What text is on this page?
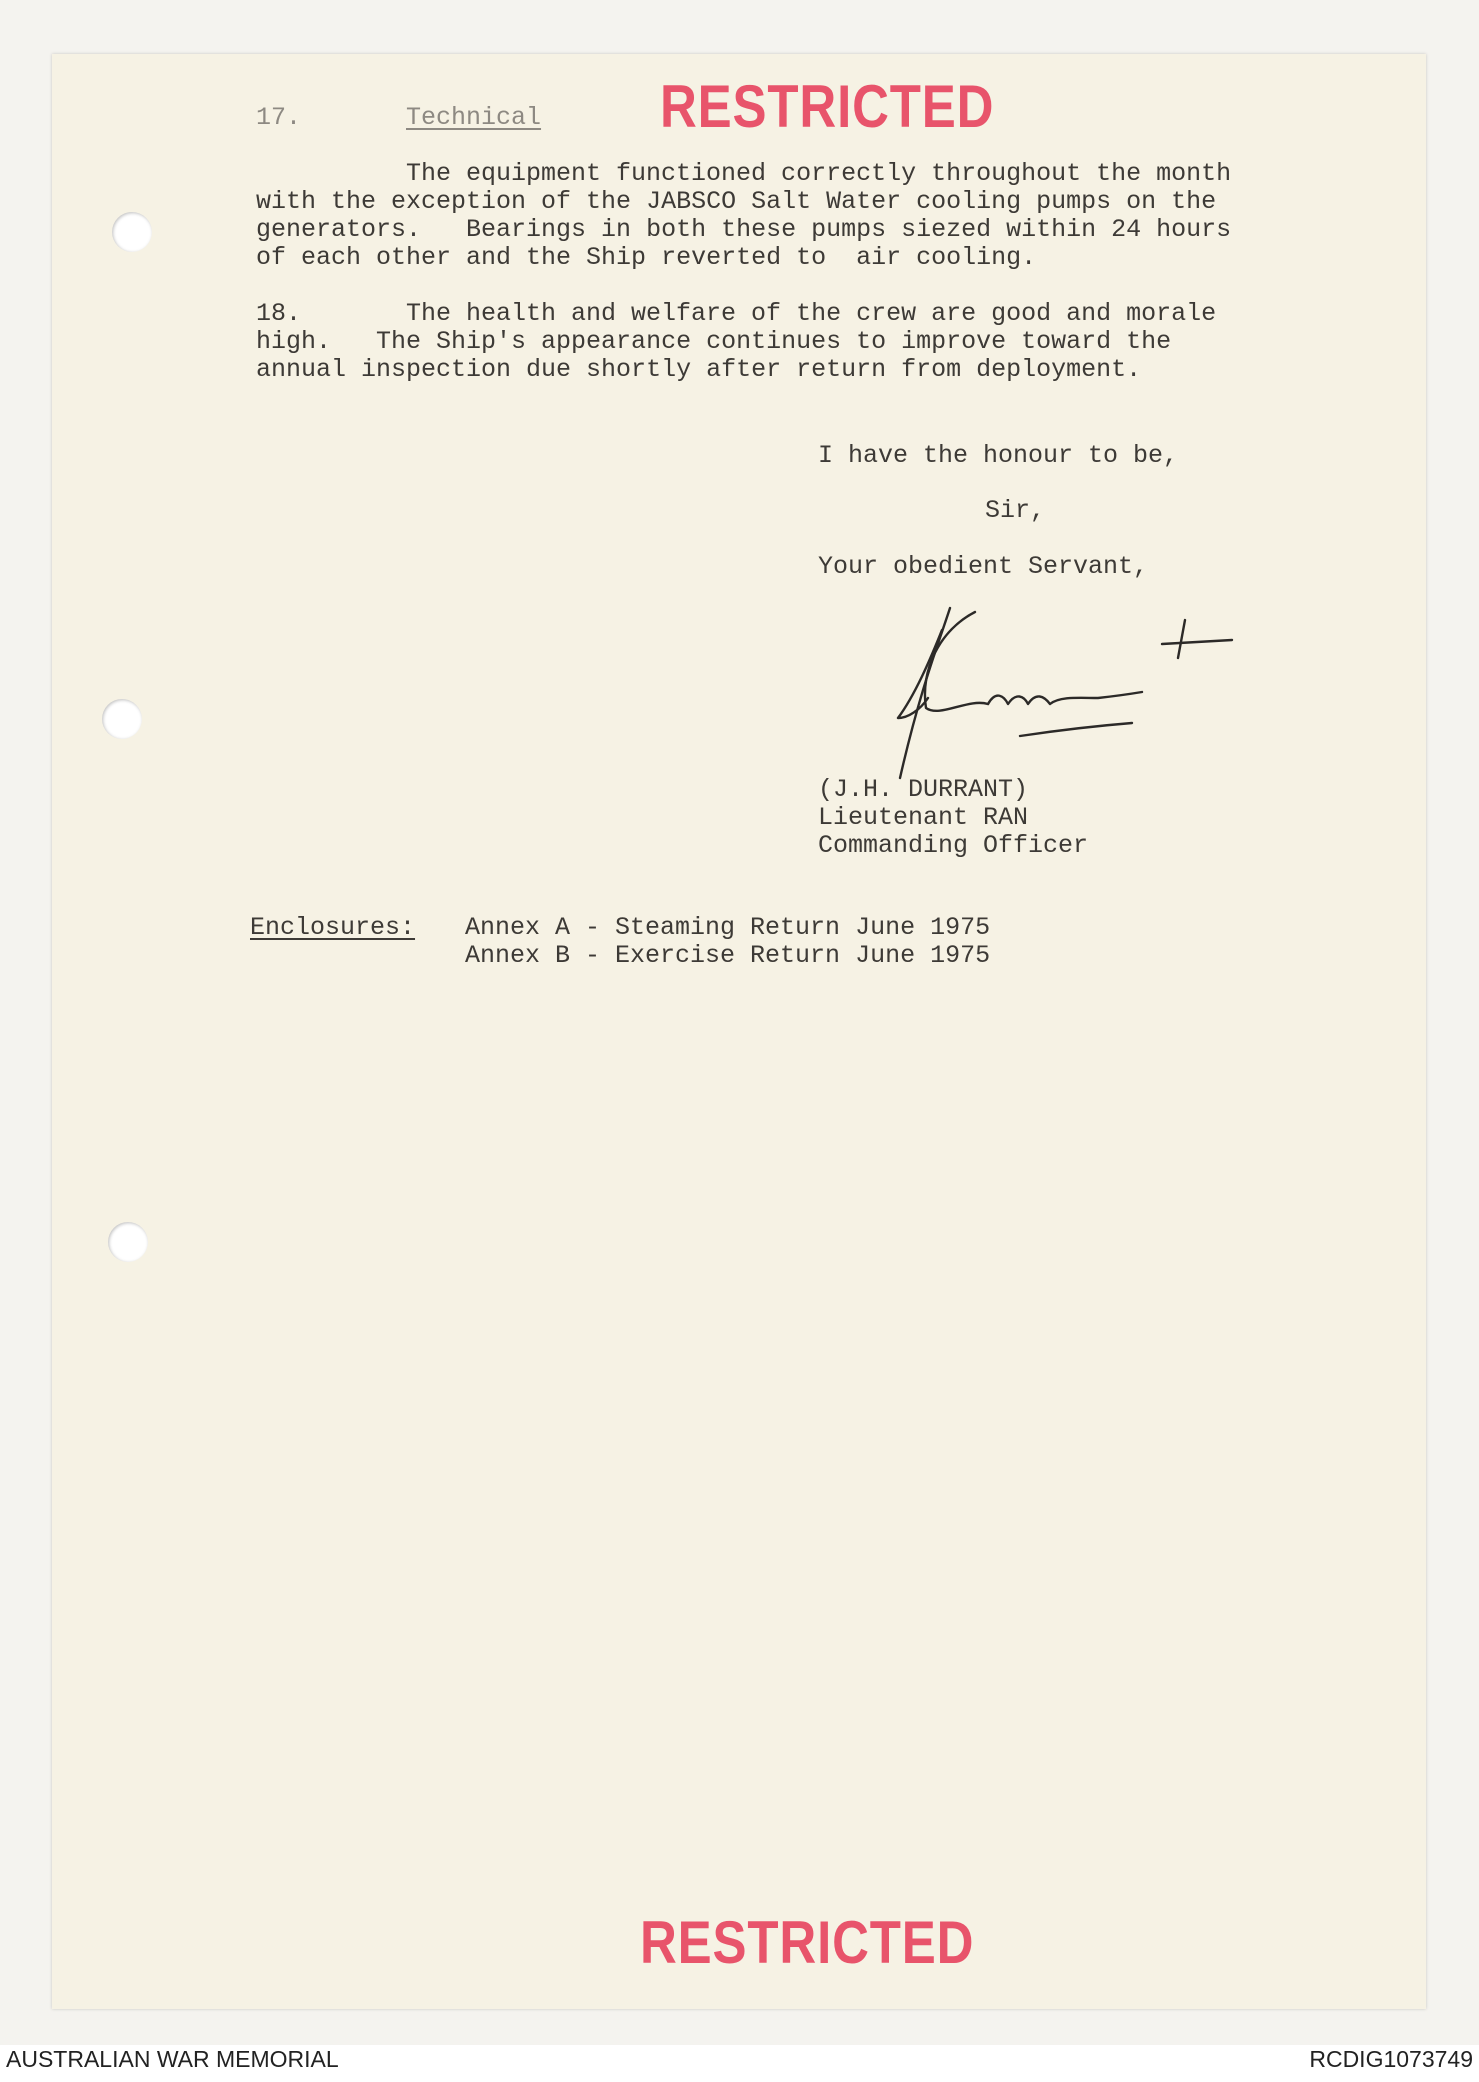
RESTRICTED
17.	Technical
The equipment functioned correctly throughout the month
with the exception of the JABSCO Salt Water cooling pumps on the
generators.   Bearings in both these pumps siezed within 24 hours
of each other and the Ship reverted to  air cooling.
18.	The health and welfare of the crew are good and morale
high.   The Ship's appearance continues to improve toward the
annual inspection due shortly after return from deployment.
I have the honour to be,
Sir,
Your obedient Servant,
(J.H. DURRANT)
Lieutenant RAN
Commanding Officer
Enclosures: Annex A - Steaming Return June 1975
Annex B - Exercise Return June 1975
RESTRICTED
AUSTRALIAN WAR MEMORIAL	RCDIG1073749
